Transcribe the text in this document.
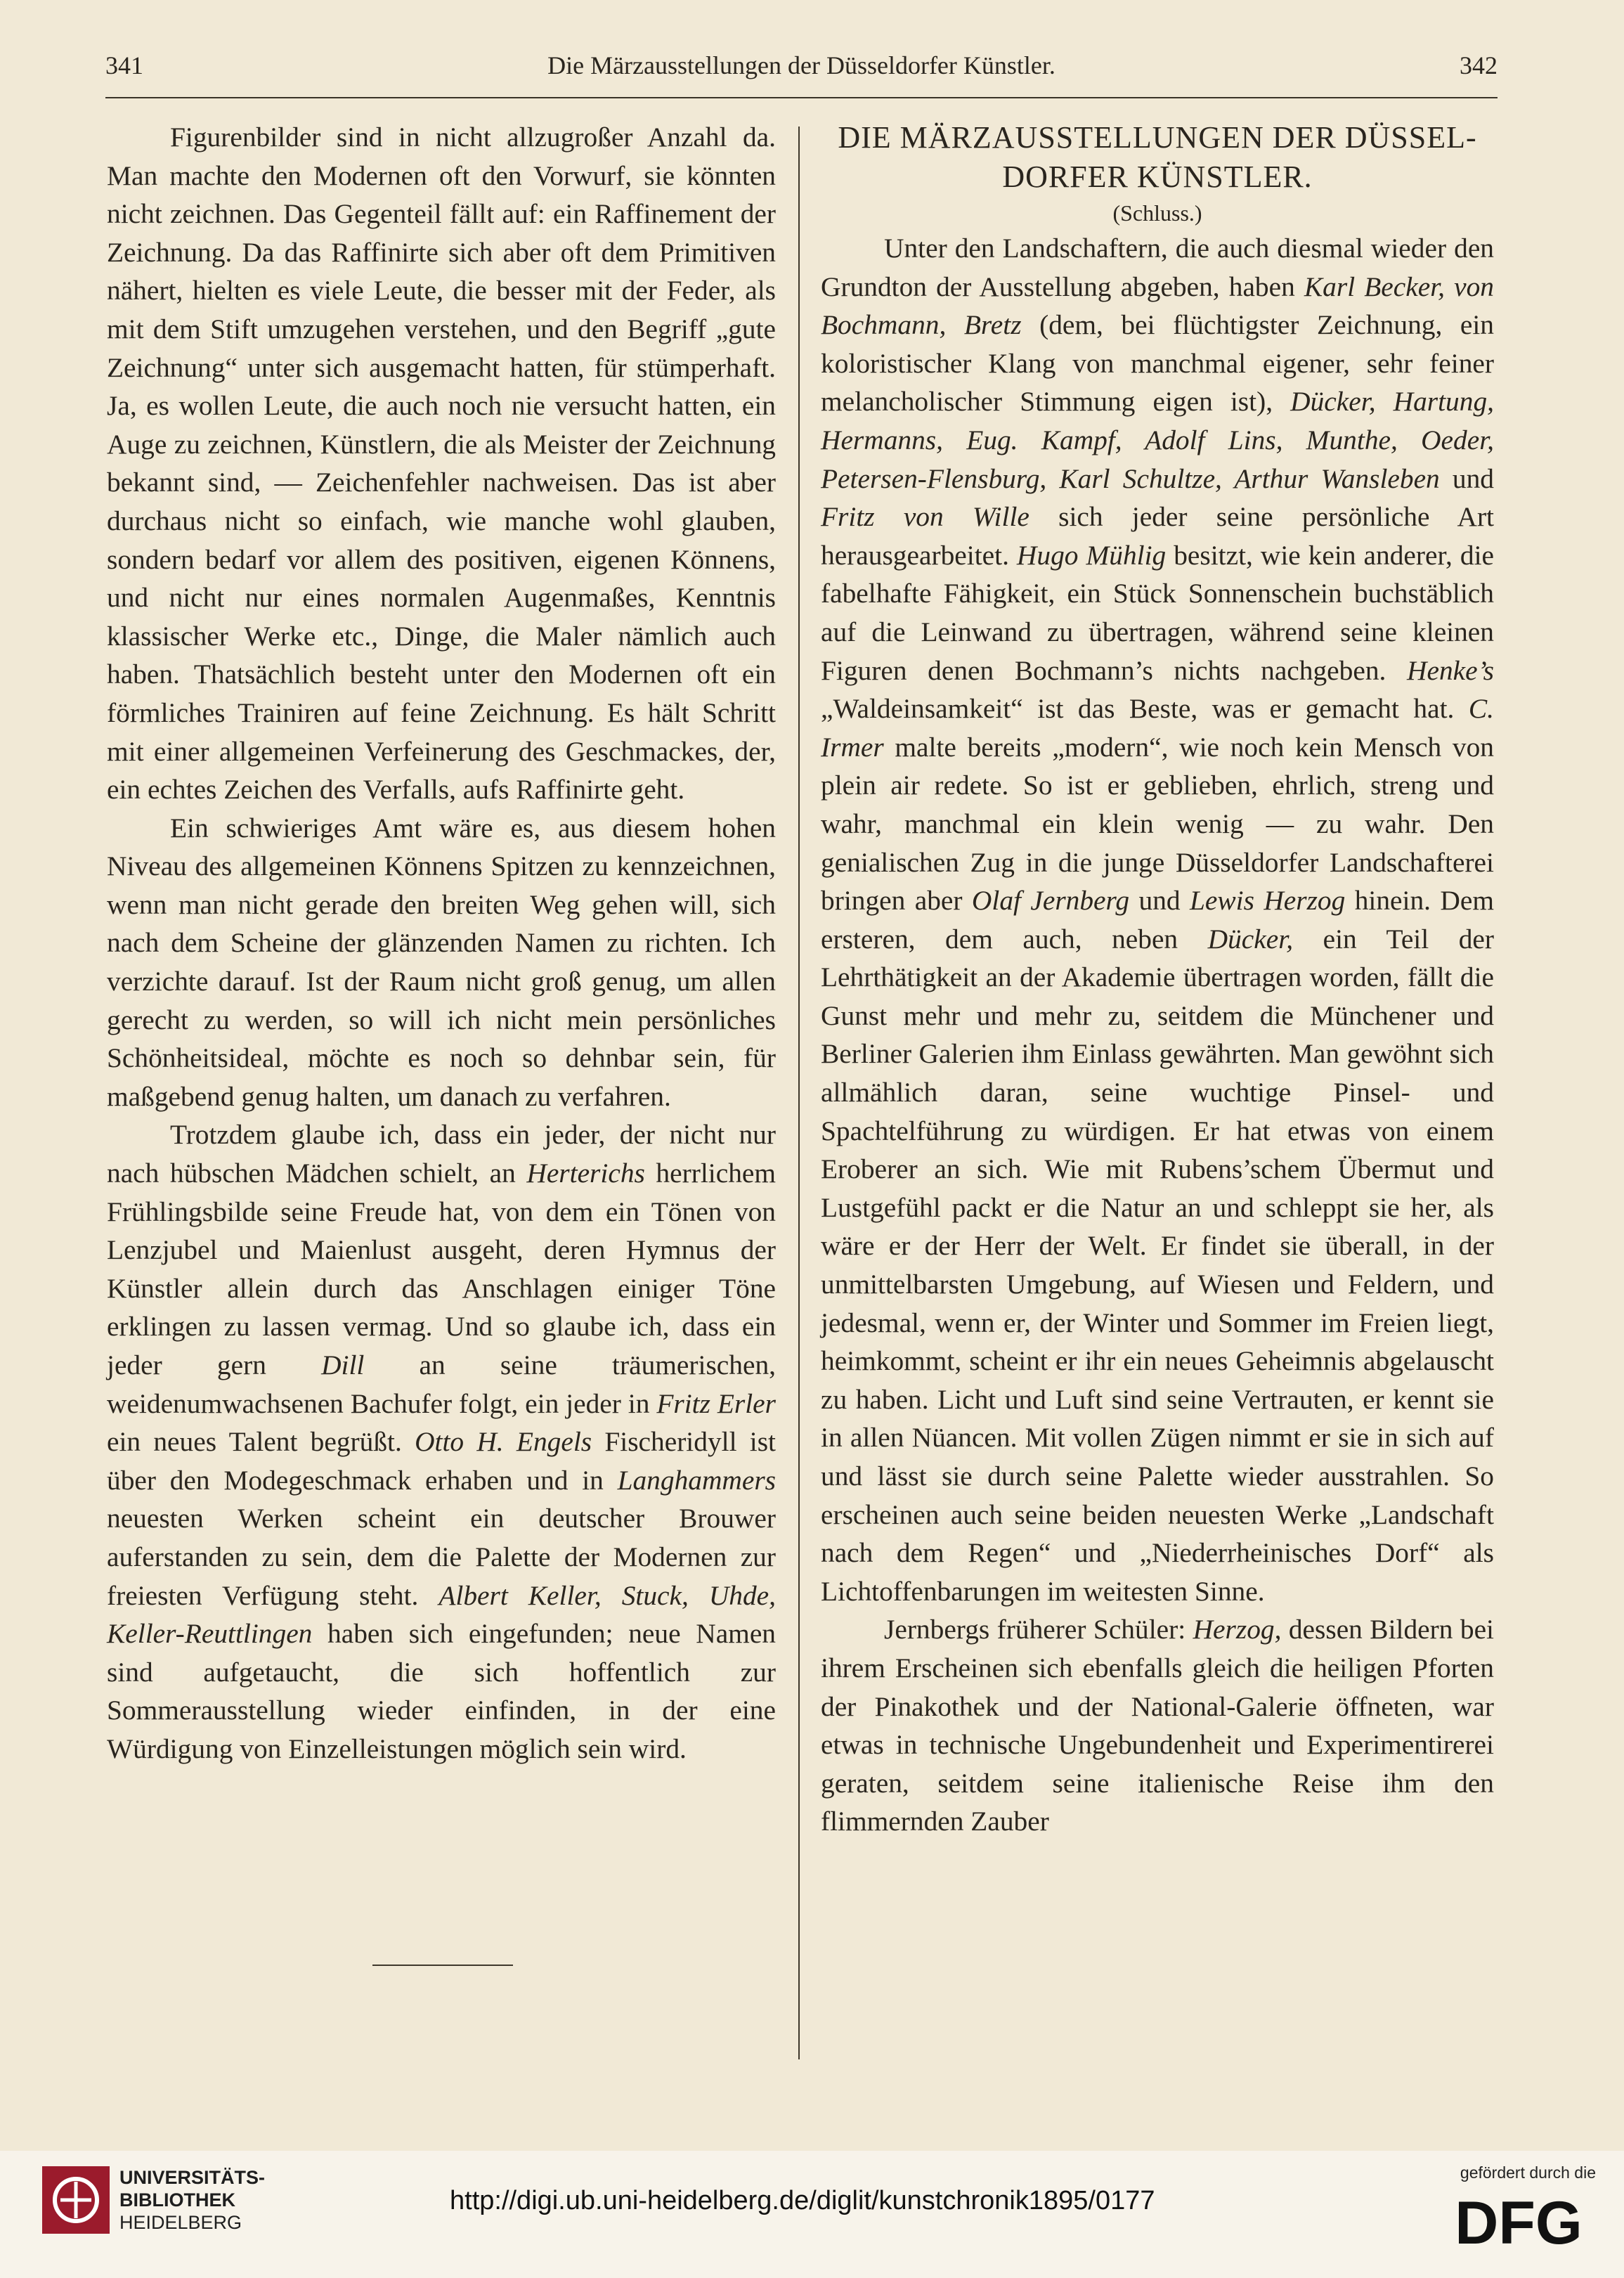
341	Die Märzausstellungen der Düsseldorfer Künstler.	342

Figurenbilder sind in nicht allzugroßer Anzahl da. Man machte den Modernen oft den Vorwurf, sie könnten nicht zeichnen. Das Gegenteil fällt auf: ein Raffinement der Zeichnung. Da das Raffinirte sich aber oft dem Primitiven nähert, hielten es viele Leute, die besser mit der Feder, als mit dem Stift umzugehen verstehen, und den Begriff „gute Zeichnung“ unter sich ausgemacht hatten, für stümperhaft. Ja, es wollen Leute, die auch noch nie versucht hatten, ein Auge zu zeichnen, Künstlern, die als Meister der Zeichnung bekannt sind, — Zeichenfehler nachweisen. Das ist aber durchaus nicht so einfach, wie manche wohl glauben, sondern bedarf vor allem des positiven, eigenen Könnens, und nicht nur eines normalen Augenmaßes, Kenntnis klassischer Werke etc., Dinge, die Maler nämlich auch haben. Thatsächlich besteht unter den Modernen oft ein förmliches Trainiren auf feine Zeichnung. Es hält Schritt mit einer allgemeinen Verfeinerung des Geschmackes, der, ein echtes Zeichen des Verfalls, aufs Raffinirte geht.

Ein schwieriges Amt wäre es, aus diesem hohen Niveau des allgemeinen Könnens Spitzen zu kennzeichnen, wenn man nicht gerade den breiten Weg gehen will, sich nach dem Scheine der glänzenden Namen zu richten. Ich verzichte darauf. Ist der Raum nicht groß genug, um allen gerecht zu werden, so will ich nicht mein persönliches Schönheitsideal, möchte es noch so dehnbar sein, für maßgebend genug halten, um danach zu verfahren.

Trotzdem glaube ich, dass ein jeder, der nicht nur nach hübschen Mädchen schielt, an Herterichs herrlichem Frühlingsbilde seine Freude hat, von dem ein Tönen von Lenzjubel und Maienlust ausgeht, deren Hymnus der Künstler allein durch das Anschlagen einiger Töne erklingen zu lassen vermag. Und so glaube ich, dass ein jeder gern Dill an seine träumerischen, weidenumwachsenen Bachufer folgt, ein jeder in Fritz Erler ein neues Talent begrüßt. Otto H. Engels Fischeridyll ist über den Modegeschmack erhaben und in Langhammers neuesten Werken scheint ein deutscher Brouwer auferstanden zu sein, dem die Palette der Modernen zur freiesten Verfügung steht. Albert Keller, Stuck, Uhde, Keller-Reuttlingen haben sich eingefunden; neue Namen sind aufgetaucht, die sich hoffentlich zur Sommerausstellung wieder einfinden, in der eine Würdigung von Einzelleistungen möglich sein wird.

DIE MÄRZAUSSTELLUNGEN DER DÜSSEL-
DORFER KÜNSTLER.

(Schluss.)

Unter den Landschaftern, die auch diesmal wieder den Grundton der Ausstellung abgeben, haben Karl Becker, von Bochmann, Bretz (dem, bei flüchtigster Zeichnung, ein koloristischer Klang von manchmal eigener, sehr feiner melancholischer Stimmung eigen ist), Dücker, Hartung, Hermanns, Eug. Kampf, Adolf Lins, Munthe, Oeder, Petersen-Flensburg, Karl Schultze, Arthur Wansleben und Fritz von Wille sich jeder seine persönliche Art herausgearbeitet. Hugo Mühlig besitzt, wie kein anderer, die fabelhafte Fähigkeit, ein Stück Sonnenschein buchstäblich auf die Leinwand zu übertragen, während seine kleinen Figuren denen Bochmann’s nichts nachgeben. Henke’s „Waldeinsamkeit“ ist das Beste, was er gemacht hat. C. Irmer malte bereits „modern“, wie noch kein Mensch von plein air redete. So ist er geblieben, ehrlich, streng und wahr, manchmal ein klein wenig — zu wahr. Den genialischen Zug in die junge Düsseldorfer Landschafterei bringen aber Olaf Jernberg und Lewis Herzog hinein. Dem ersteren, dem auch, neben Dücker, ein Teil der Lehrthätigkeit an der Akademie übertragen worden, fällt die Gunst mehr und mehr zu, seitdem die Münchener und Berliner Galerien ihm Einlass gewährten. Man gewöhnt sich allmählich daran, seine wuchtige Pinsel- und Spachtelführung zu würdigen. Er hat etwas von einem Eroberer an sich. Wie mit Rubens’schem Übermut und Lustgefühl packt er die Natur an und schleppt sie her, als wäre er der Herr der Welt. Er findet sie überall, in der unmittelbarsten Umgebung, auf Wiesen und Feldern, und jedesmal, wenn er, der Winter und Sommer im Freien liegt, heimkommt, scheint er ihr ein neues Geheimnis abgelauscht zu haben. Licht und Luft sind seine Vertrauten, er kennt sie in allen Nüancen. Mit vollen Zügen nimmt er sie in sich auf und lässt sie durch seine Palette wieder ausstrahlen. So erscheinen auch seine beiden neuesten Werke „Landschaft nach dem Regen“ und „Niederrheinisches Dorf“ als Lichtoffenbarungen im weitesten Sinne.

Jernbergs früherer Schüler: Herzog, dessen Bildern bei ihrem Erscheinen sich ebenfalls gleich die heiligen Pforten der Pinakothek und der National-Galerie öffneten, war etwas in technische Ungebundenheit und Experimentirerei geraten, seitdem seine italienische Reise ihm den flimmernden Zauber

UNIVERSITÄTS-
BIBLIOTHEK
HEIDELBERG
http://digi.ub.uni-heidelberg.de/diglit/kunstchronik1895/0177
gefördert durch die
DFG
